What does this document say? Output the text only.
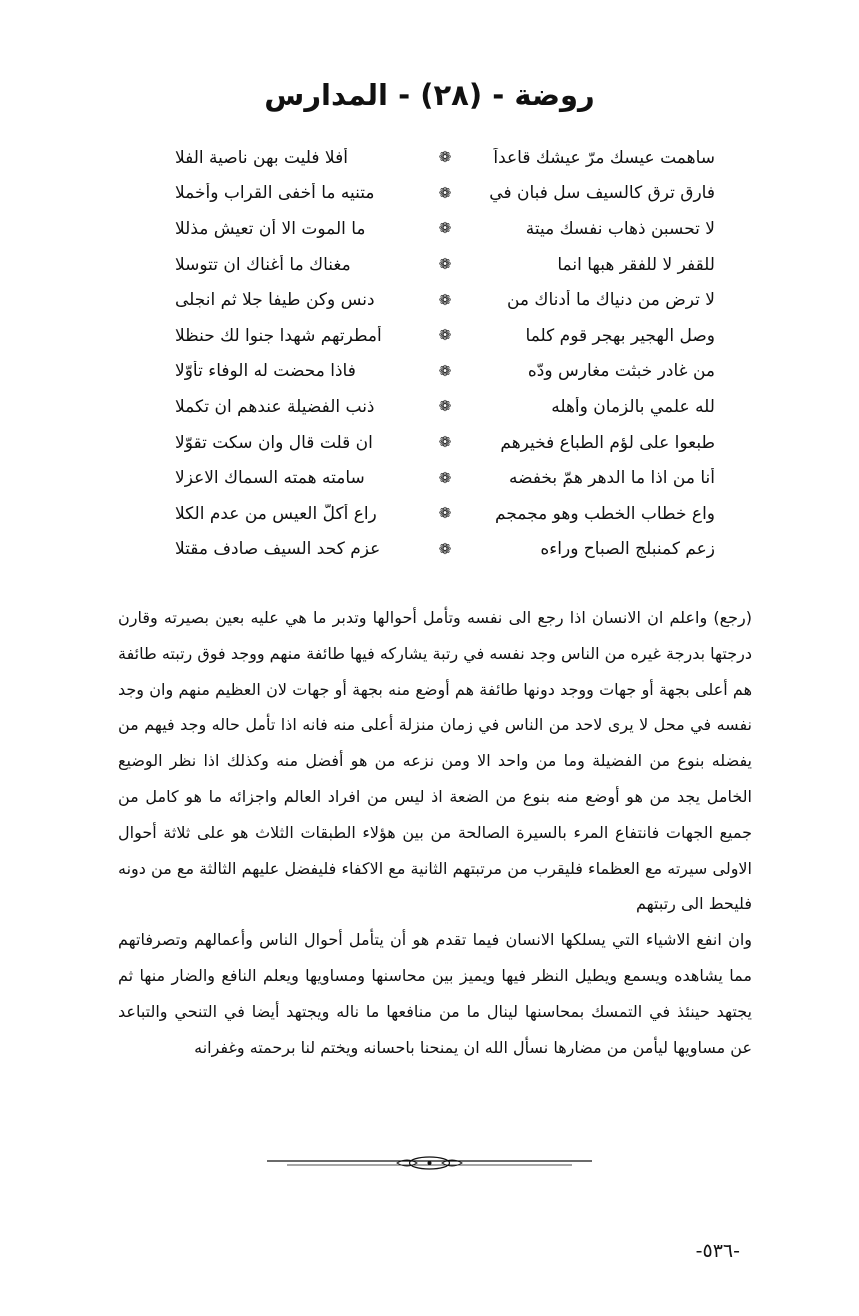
روضة - (٢٨) - المدارس
ساهمت عيسك مرّ عيشك قاعداً
❁
أفلا فليت بهن ناصية الفلا
فارق ترق كالسيف سل فبان في
❁
متنيه ما أخفى القراب وأخملا
لا تحسبن ذهاب نفسك ميتة
❁
ما الموت الا أن تعيش مذللا
للقفر لا للفقر هبها انما
❁
مغناك ما أغناك ان تتوسلا
لا ترض من دنياك ما أدناك من
❁
دنس وكن طيفا جلا ثم انجلى
وصل الهجير بهجر قوم كلما
❁
أمطرتهم شهدا جنوا لك حنظلا
من غادر خبثت مغارس ودّه
❁
فاذا محضت له الوفاء تأوّلا
لله علمي بالزمان وأهله
❁
ذنب الفضيلة عندهم ان تكملا
طبعوا على لؤم الطباع فخيرهم
❁
ان قلت قال وان سكت تقوّلا
أنا من اذا ما الدهر همّ بخفضه
❁
سامته همته السماك الاعزلا
واع خطاب الخطب وهو مجمجم
❁
راع أكلّ العيس من عدم الكلا
زعم كمنبلج الصباح وراءه
❁
عزم كحد السيف صادف مقتلا

(رجع) واعلم ان الانسان اذا رجع الى نفسه وتأمل أحوالها وتدبر ما هي عليه بعين بصيرته وقارن درجتها بدرجة غيره من الناس وجد نفسه في رتبة يشاركه فيها طائفة منهم ووجد فوق رتبته طائفة هم أعلى بجهة أو جهات ووجد دونها طائفة هم أوضع منه بجهة أو جهات لان العظيم منهم وان وجد نفسه في محل لا يرى لاحد من الناس في زمان منزلة أعلى منه فانه اذا تأمل حاله وجد فيهم من يفضله بنوع من الفضيلة وما من واحد الا ومن نزعه من هو أفضل منه وكذلك اذا نظر الوضيع الخامل يجد من هو أوضع منه بنوع من الضعة اذ ليس من افراد العالم واجزائه ما هو كامل من جميع الجهات فانتفاع المرء بالسيرة الصالحة من بين هؤلاء الطبقات الثلاث هو على ثلاثة أحوال الاولى سيرته مع العظماء فليقرب من مرتبتهم الثانية مع الاكفاء فليفضل عليهم الثالثة مع من دونه فليحط الى رتبتهم

وان انفع الاشياء التي يسلكها الانسان فيما تقدم هو أن يتأمل أحوال الناس وأعمالهم وتصرفاتهم مما يشاهده ويسمع ويطيل النظر فيها ويميز بين محاسنها ومساويها ويعلم النافع والضار منها ثم يجتهد حينئذ في التمسك بمحاسنها لينال ما من منافعها ما ناله ويجتهد أيضا في التنحي والتباعد عن مساويها ليأمن من مضارها نسأل الله ان يمنحنا باحسانه ويختم لنا برحمته وغفرانه

-٥٣٦-
